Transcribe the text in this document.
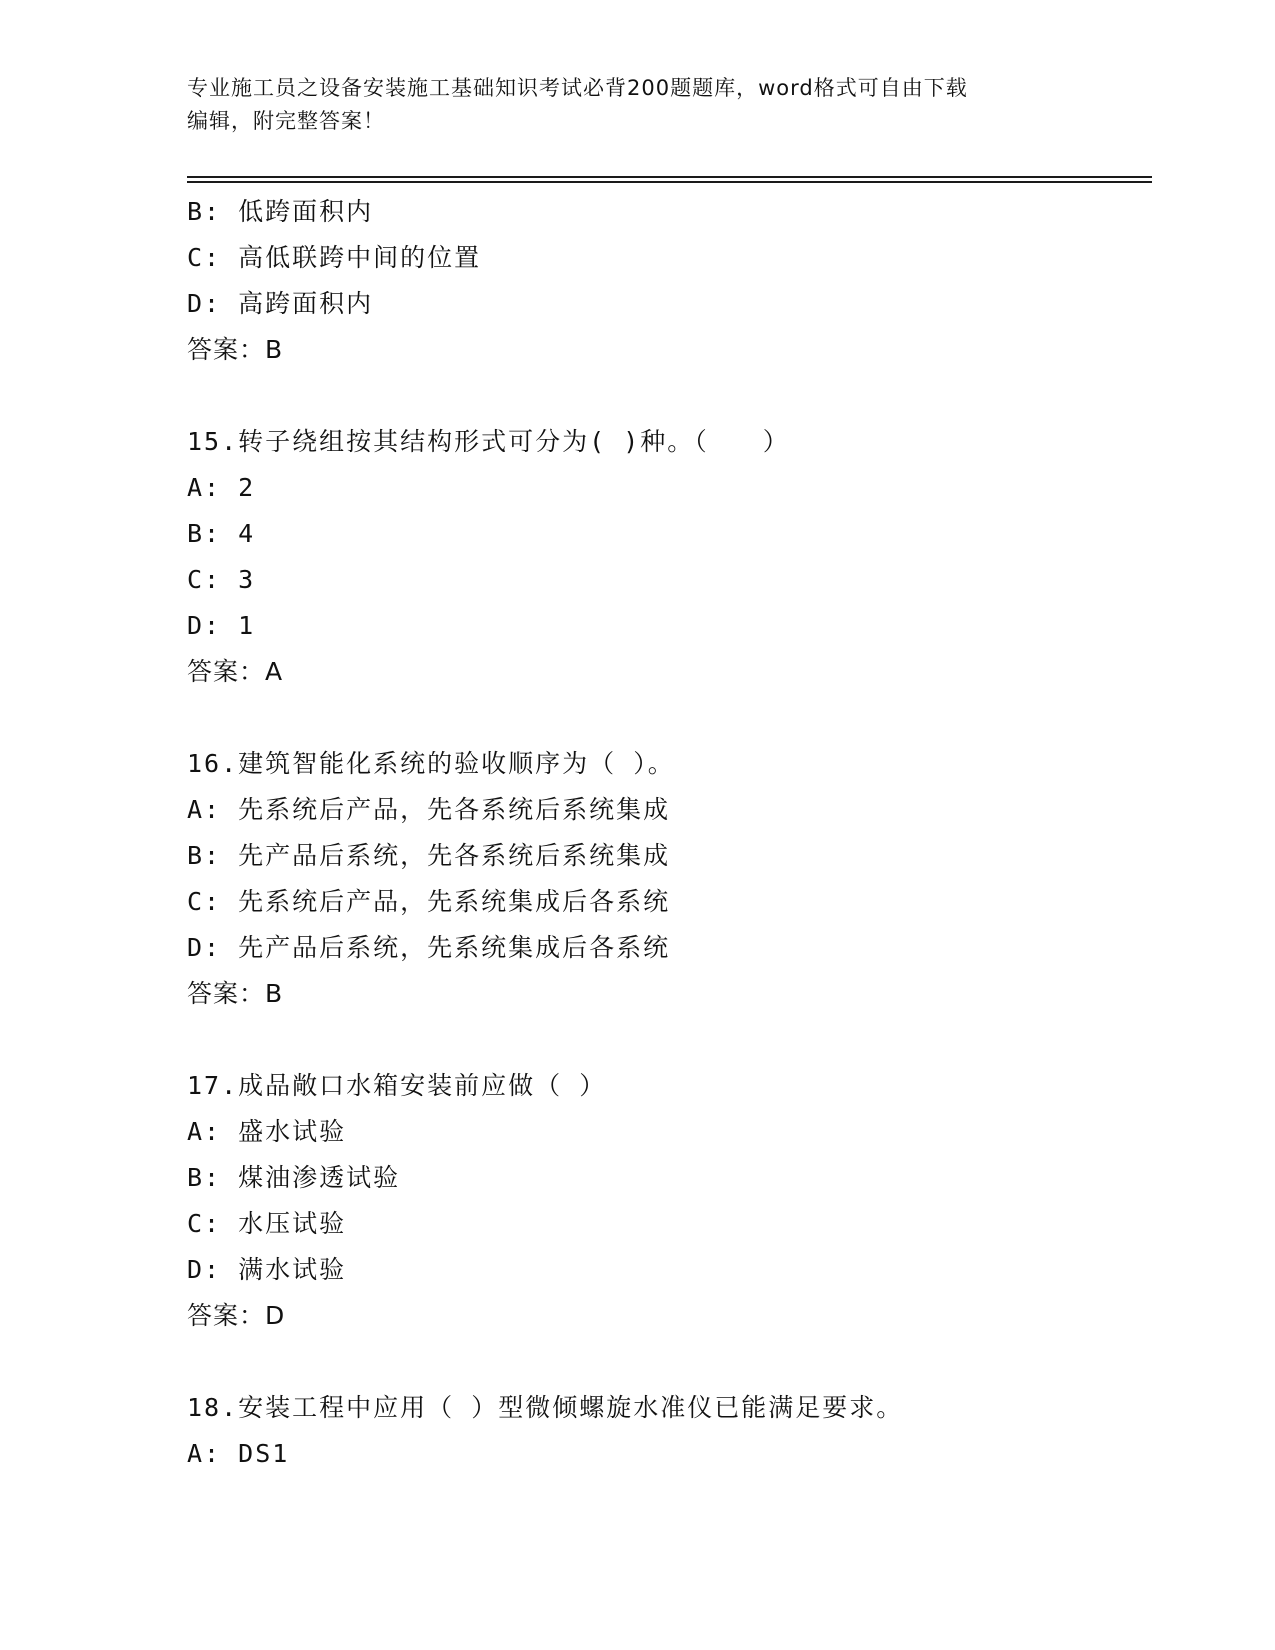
专业施工员之设备安装施工基础知识考试必背200题题库，word格式可自由下载
编辑，附完整答案！
B: 低跨面积内
C: 高低联跨中间的位置
D: 高跨面积内
答案：B
15.转子绕组按其结构形式可分为( )种。（　　）
A: 2
B: 4
C: 3
D: 1
答案：A
16.建筑智能化系统的验收顺序为（ ）。
A: 先系统后产品，先各系统后系统集成
B: 先产品后系统，先各系统后系统集成
C: 先系统后产品，先系统集成后各系统
D: 先产品后系统，先系统集成后各系统
答案：B
17.成品敞口水箱安装前应做（ ）
A: 盛水试验
B: 煤油渗透试验
C: 水压试验
D: 满水试验
答案：D
18.安装工程中应用（ ）型微倾螺旋水准仪已能满足要求。
A: DS1
